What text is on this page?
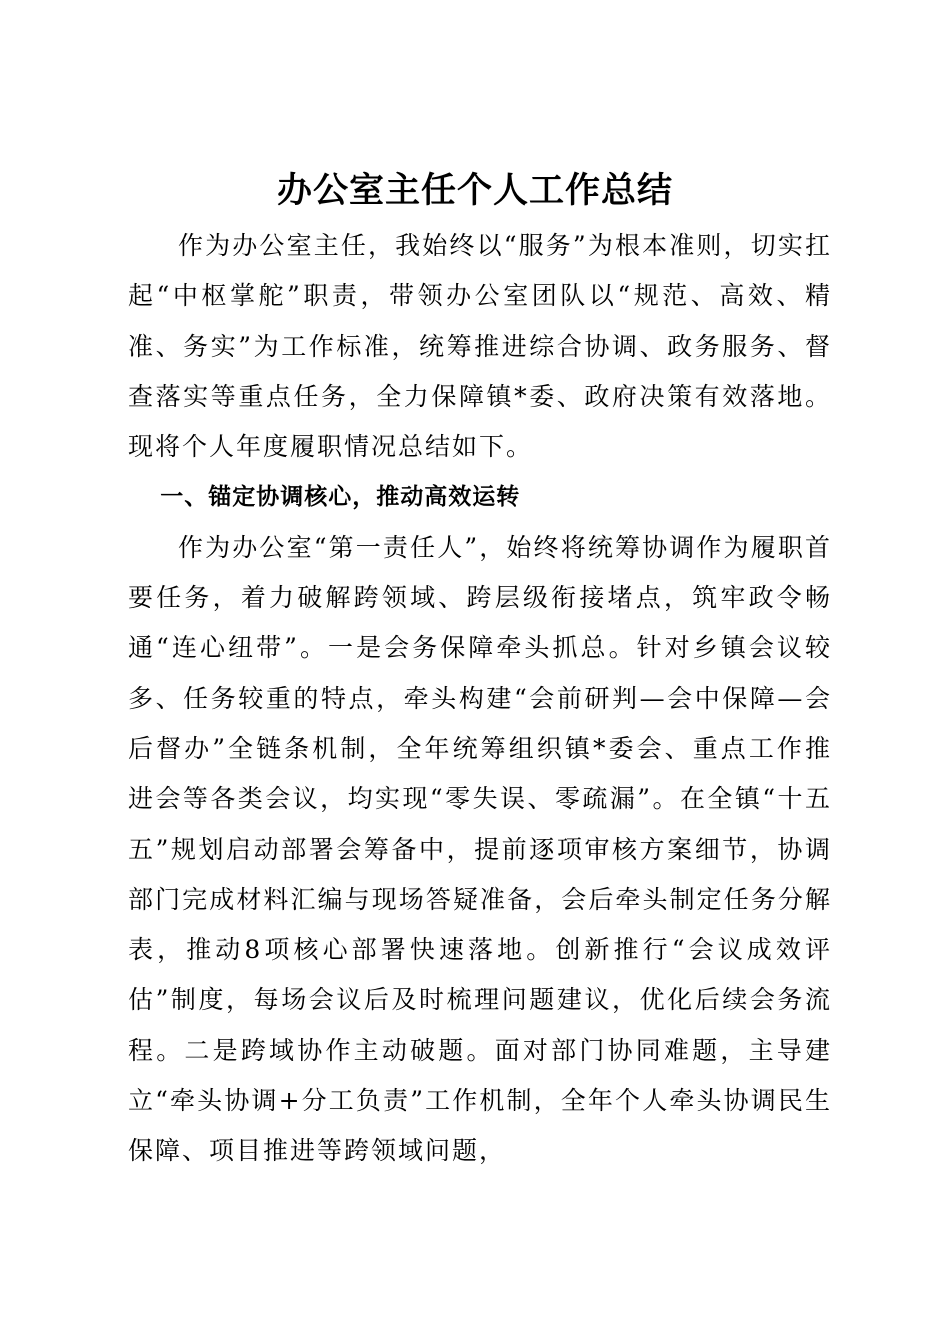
办公室主任个人工作总结

作为办公室主任，我始终以“服务”为根本准则，切实扛起“中枢掌舵”职责，带领办公室团队以“规范、高效、精准、务实”为工作标准，统筹推进综合协调、政务服务、督查落实等重点任务，全力保障镇*委、政府决策有效落地。现将个人年度履职情况总结如下。

一、锚定协调核心，推动高效运转

作为办公室“第一责任人”，始终将统筹协调作为履职首要任务，着力破解跨领域、跨层级衔接堵点，筑牢政令畅通“连心纽带”。一是会务保障牵头抓总。针对乡镇会议较多、任务较重的特点，牵头构建“会前研判—会中保障—会后督办”全链条机制，全年统筹组织镇*委会、重点工作推进会等各类会议，均实现“零失误、零疏漏”。在全镇“十五五”规划启动部署会筹备中，提前逐项审核方案细节，协调部门完成材料汇编与现场答疑准备，会后牵头制定任务分解表，推动8项核心部署快速落地。创新推行“会议成效评估”制度，每场会议后及时梳理问题建议，优化后续会务流程。二是跨域协作主动破题。面对部门协同难题，主导建立“牵头协调+分工负责”工作机制，全年个人牵头协调民生保障、项目推进等跨领域问题，
